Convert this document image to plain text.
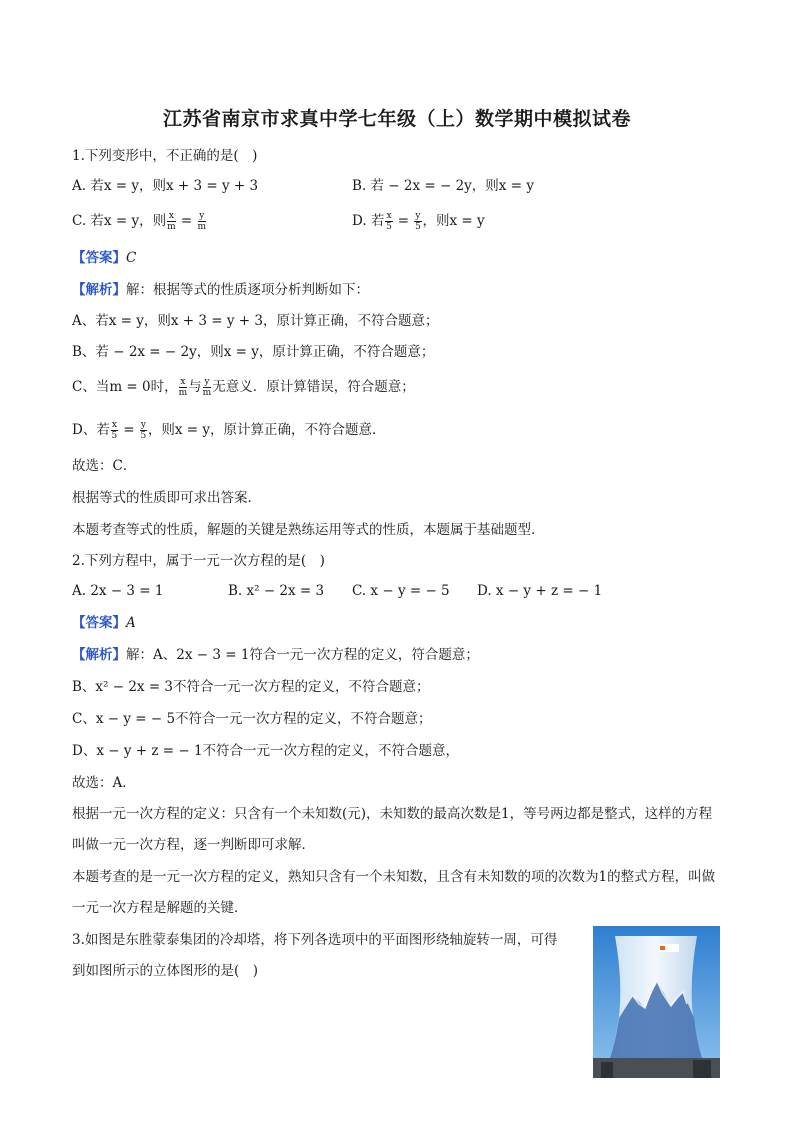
江苏省南京市求真中学七年级（上）数学期中模拟试卷
1.下列变形中，不正确的是(　)
A. 若x = y，则x + 3 = y + 3	B. 若 − 2x = − 2y，则x = y
C. 若x = y，则 $\frac{x}{m} = \frac{y}{m}$	D. 若 $\frac{x}{5} = \frac{y}{5}$ ，则x = y
【答案】C
【解析】解：根据等式的性质逐项分析判断如下：
A、若x = y，则x + 3 = y + 3，原计算正确，不符合题意；
B、若 − 2x = − 2y，则x = y，原计算正确，不符合题意；
C、当m = 0时， $\frac{x}{m}$ 与 $\frac{y}{m}$ 无意义．原计算错误，符合题意；
D、若 $\frac{x}{5} = \frac{y}{5}$ ，则x = y，原计算正确，不符合题意．
故选：C．
根据等式的性质即可求出答案．
本题考查等式的性质，解题的关键是熟练运用等式的性质，本题属于基础题型．
2.下列方程中，属于一元一次方程的是(　)
A. 2x − 3 = 1	B. x² − 2x = 3 C. x − y = − 5 D. x − y + z = − 1
【答案】A
【解析】解：A、2x − 3 = 1符合一元一次方程的定义，符合题意；
B、x² − 2x = 3不符合一元一次方程的定义，不符合题意；
C、x − y = − 5不符合一元一次方程的定义，不符合题意；
D、x − y + z = − 1不符合一元一次方程的定义，不符合题意，
故选：A．
根据一元一次方程的定义：只含有一个未知数(元)，未知数的最高次数是1，等号两边都是整式，这样的方程叫做一元一次方程，逐一判断即可求解．
本题考查的是一元一次方程的定义，熟知只含有一个未知数，且含有未知数的项的次数为1的整式方程，叫做一元一次方程是解题的关键．
3.如图是东胜蒙泰集团的冷却塔，将下列各选项中的平面图形绕轴旋转一周，可得
到如图所示的立体图形的是(　)
